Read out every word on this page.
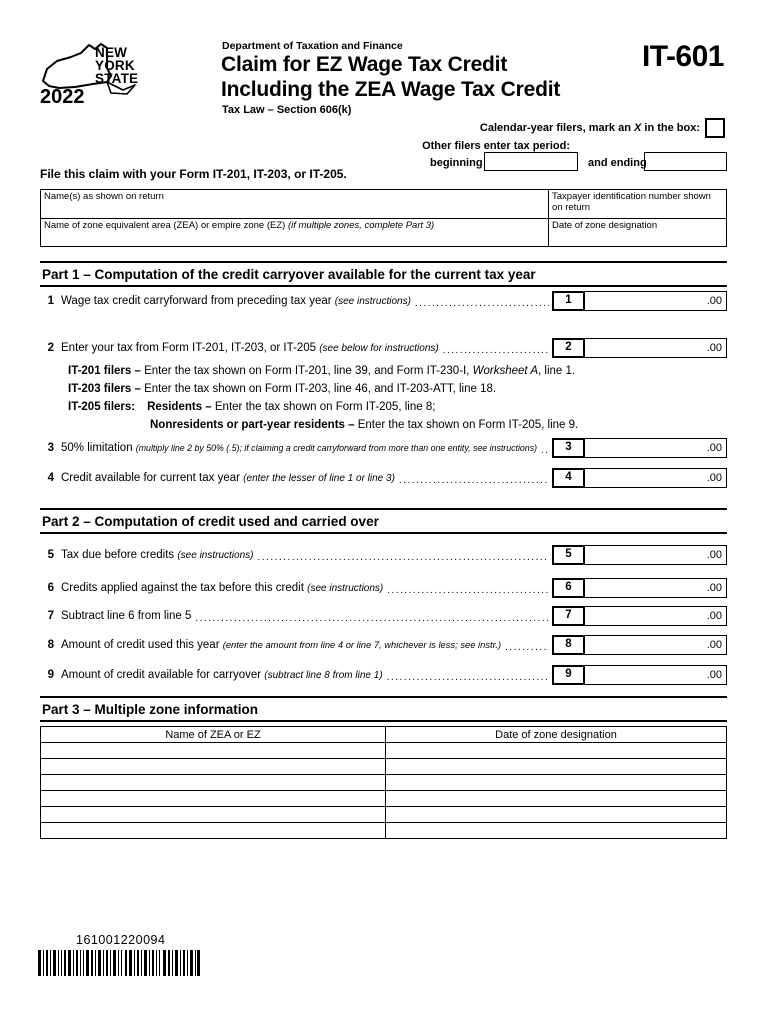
NEW
YORK
STATE
2022
Department of Taxation and Finance
Claim for EZ Wage Tax Credit
Including the ZEA Wage Tax Credit
Tax Law – Section 606(k)
IT-601
Calendar-year filers, mark an X in the box:
Other filers enter tax period:
beginning	and ending
File this claim with your Form IT-201, IT-203, or IT-205.
Name(s) as shown on return	Taxpayer identification number shown on return
Name of zone equivalent area (ZEA) or empire zone (EZ) (if multiple zones, complete Part 3)	Date of zone designation
Part 1 – Computation of the credit carryover available for the current tax year
1 Wage tax credit carryforward from preceding tax year (see instructions) .....	1	.00
2 Enter your tax from Form IT-201, IT-203, or IT-205 (see below for instructions) .....	2	.00
IT-201 filers – Enter the tax shown on Form IT-201, line 39, and Form IT-230-I, Worksheet A, line 1.
IT-203 filers – Enter the tax shown on Form IT-203, line 46, and IT-203-ATT, line 18.
IT-205 filers: Residents – Enter the tax shown on Form IT-205, line 8;
Nonresidents or part-year residents – Enter the tax shown on Form IT-205, line 9.
3 50% limitation (multiply line 2 by 50% (.5); if claiming a credit carryforward from more than one entity, see instructions) .....	3	.00
4 Credit available for current tax year (enter the lesser of line 1 or line 3) .....	4	.00
Part 2 – Computation of credit used and carried over
5 Tax due before credits (see instructions) .....	5	.00
6 Credits applied against the tax before this credit (see instructions) .....	6	.00
7 Subtract line 6 from line 5 .....	7	.00
8 Amount of credit used this year (enter the amount from line 4 or line 7, whichever is less; see instr.) .....	8	.00
9 Amount of credit available for carryover (subtract line 8 from line 1) .....	9	.00
Part 3 – Multiple zone information
Name of ZEA or EZ	Date of zone designation

161001220094
